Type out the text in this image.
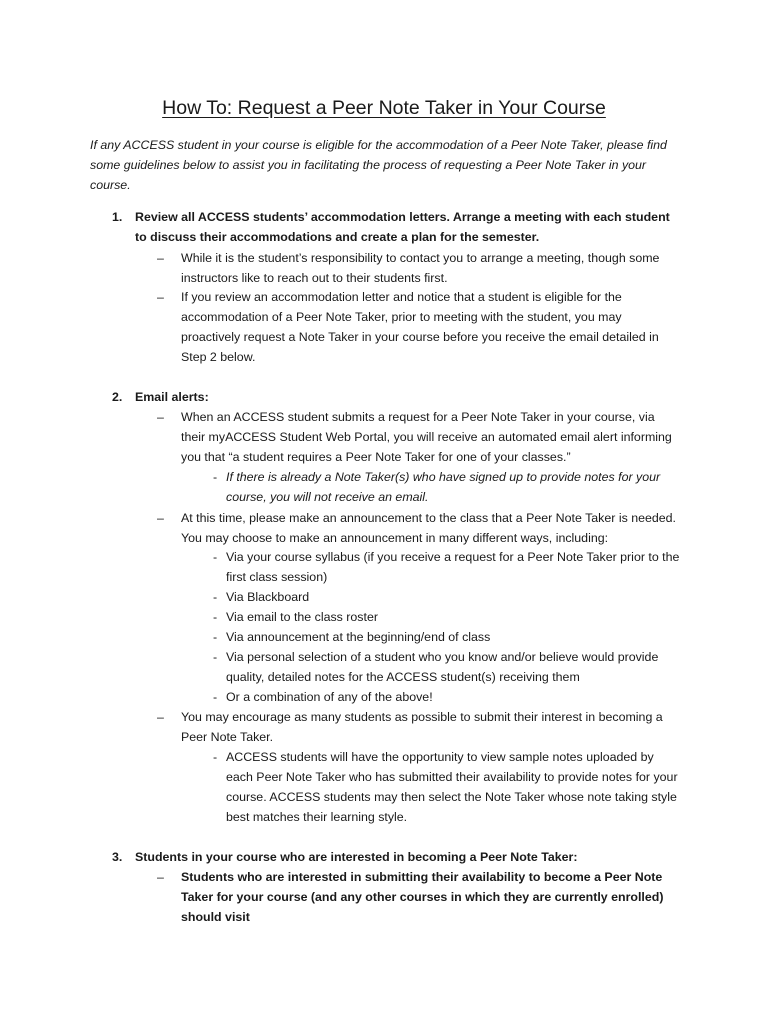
How To: Request a Peer Note Taker in Your Course

If any ACCESS student in your course is eligible for the accommodation of a Peer Note Taker, please find some guidelines below to assist you in facilitating the process of requesting a Peer Note Taker in your course.

1. Review all ACCESS students’ accommodation letters. Arrange a meeting with each student to discuss their accommodations and create a plan for the semester.

– While it is the student’s responsibility to contact you to arrange a meeting, though some instructors like to reach out to their students first.

– If you review an accommodation letter and notice that a student is eligible for the accommodation of a Peer Note Taker, prior to meeting with the student, you may proactively request a Note Taker in your course before you receive the email detailed in Step 2 below.

2. Email alerts:

– When an ACCESS student submits a request for a Peer Note Taker in your course, via their myACCESS Student Web Portal, you will receive an automated email alert informing you that “a student requires a Peer Note Taker for one of your classes.”

- If there is already a Note Taker(s) who have signed up to provide notes for your course, you will not receive an email.

– At this time, please make an announcement to the class that a Peer Note Taker is needed. You may choose to make an announcement in many different ways, including:

- Via your course syllabus (if you receive a request for a Peer Note Taker prior to the first class session)

- Via Blackboard

- Via email to the class roster

- Via announcement at the beginning/end of class

- Via personal selection of a student who you know and/or believe would provide quality, detailed notes for the ACCESS student(s) receiving them

- Or a combination of any of the above!

– You may encourage as many students as possible to submit their interest in becoming a Peer Note Taker.

- ACCESS students will have the opportunity to view sample notes uploaded by each Peer Note Taker who has submitted their availability to provide notes for your course. ACCESS students may then select the Note Taker whose note taking style best matches their learning style.

3. Students in your course who are interested in becoming a Peer Note Taker:

– Students who are interested in submitting their availability to become a Peer Note Taker for your course (and any other courses in which they are currently enrolled) should visit
